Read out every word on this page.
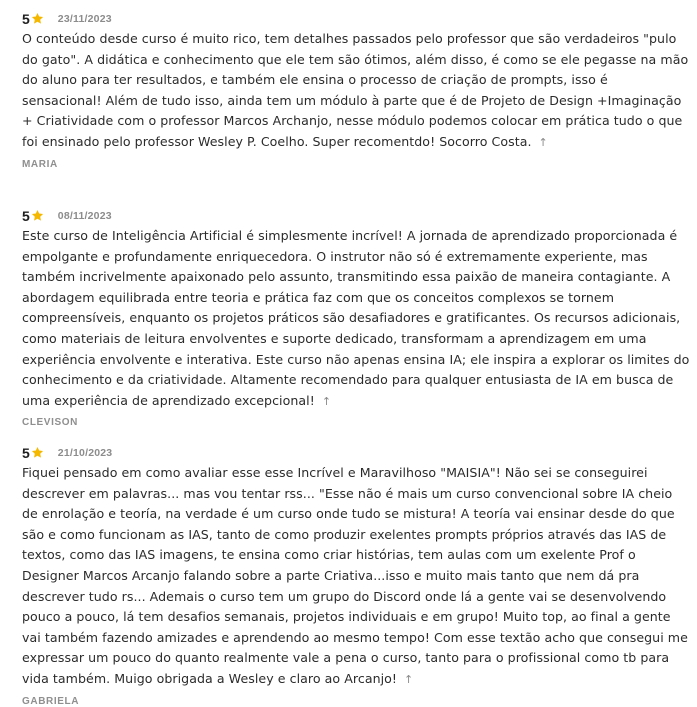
5	23/11/2023
O conteúdo desde curso é muito rico, tem detalhes passados pelo professor que são verdadeiros "pulo do gato". A didática e conhecimento que ele tem são ótimos, além disso, é como se ele pegasse na mão do aluno para ter resultados, e também ele ensina o processo de criação de prompts, isso é sensacional! Além de tudo isso, ainda tem um módulo à parte que é de Projeto de Design +Imaginação + Criatividade com o professor Marcos Archanjo, nesse módulo podemos colocar em prática tudo o que foi ensinado pelo professor Wesley P. Coelho. Super recomentdo! Socorro Costa. ↑
MARIA
5	08/11/2023
Este curso de Inteligência Artificial é simplesmente incrível! A jornada de aprendizado proporcionada é empolgante e profundamente enriquecedora. O instrutor não só é extremamente experiente, mas também incrivelmente apaixonado pelo assunto, transmitindo essa paixão de maneira contagiante. A abordagem equilibrada entre teoria e prática faz com que os conceitos complexos se tornem compreensíveis, enquanto os projetos práticos são desafiadores e gratificantes. Os recursos adicionais, como materiais de leitura envolventes e suporte dedicado, transformam a aprendizagem em uma experiência envolvente e interativa. Este curso não apenas ensina IA; ele inspira a explorar os limites do conhecimento e da criatividade. Altamente recomendado para qualquer entusiasta de IA em busca de uma experiência de aprendizado excepcional! ↑
CLEVISON
5	21/10/2023
Fiquei pensado em como avaliar esse esse Incrível e Maravilhoso "MAISIA"! Não sei se conseguirei descrever em palavras... mas vou tentar rss... "Esse não é mais um curso convencional sobre IA cheio de enrolação e teoría, na verdade é um curso onde tudo se mistura! A teoría vai ensinar desde do que são e como funcionam as IAS, tanto de como produzir exelentes prompts próprios através das IAS de textos, como das IAS imagens, te ensina como criar histórias, tem aulas com um exelente Prof o Designer Marcos Arcanjo falando sobre a parte Criativa...isso e muito mais tanto que nem dá pra descrever tudo rs... Ademais o curso tem um grupo do Discord onde lá a gente vai se desenvolvendo pouco a pouco, lá tem desafios semanais, projetos individuais e em grupo! Muito top, ao final a gente vai também fazendo amizades e aprendendo ao mesmo tempo! Com esse textão acho que consegui me expressar um pouco do quanto realmente vale a pena o curso, tanto para o profissional como tb para vida também. Muigo obrigada a Wesley e claro ao Arcanjo! ↑
GABRIELA
